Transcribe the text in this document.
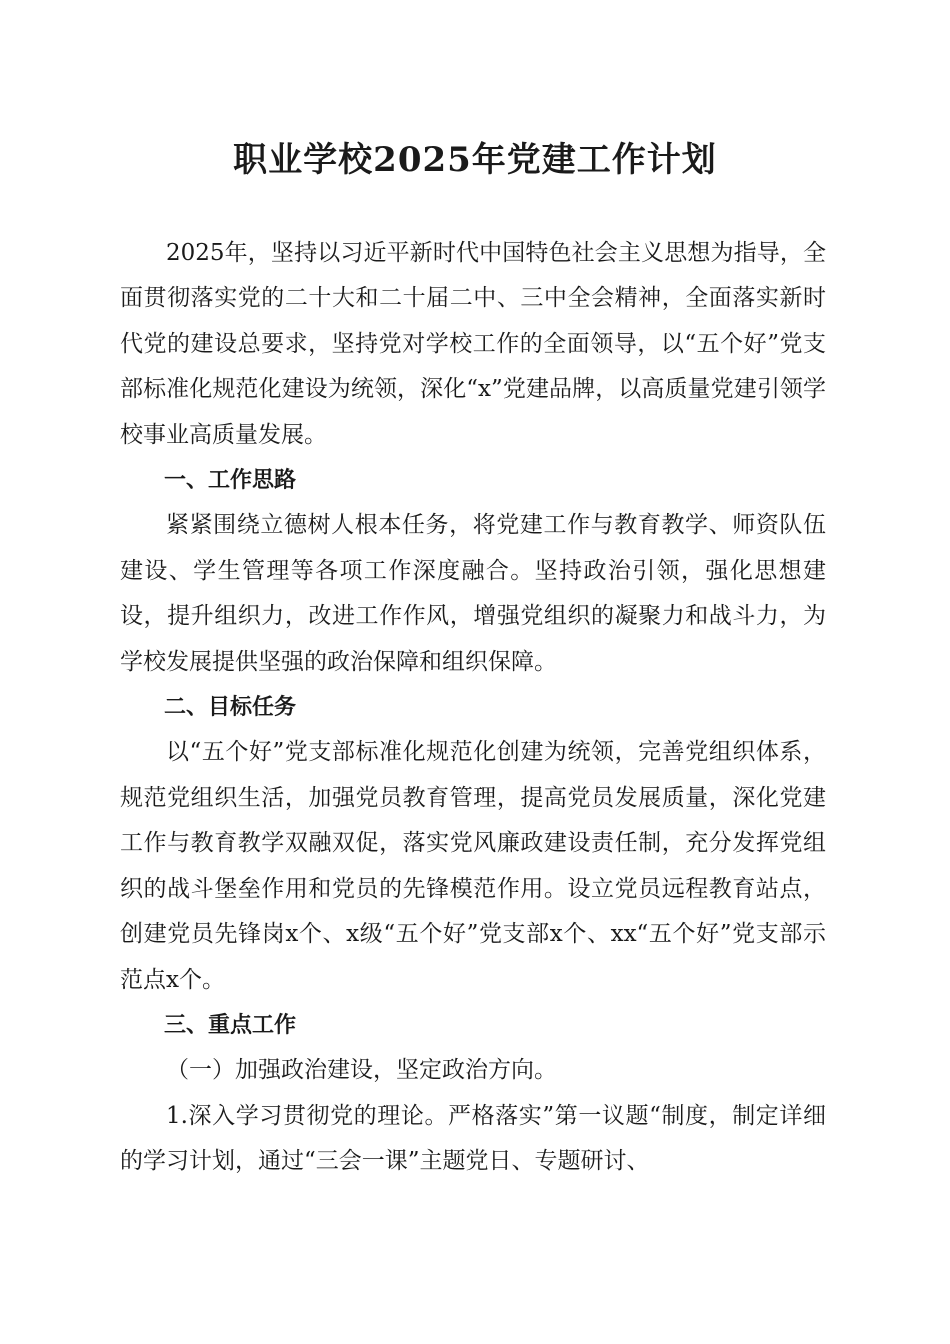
职业学校2025年党建工作计划

2025年，坚持以习近平新时代中国特色社会主义思想为指导，全面贯彻落实党的二十大和二十届二中、三中全会精神，全面落实新时代党的建设总要求，坚持党对学校工作的全面领导，以“五个好”党支部标准化规范化建设为统领，深化“x”党建品牌，以高质量党建引领学校事业高质量发展。

一、工作思路

紧紧围绕立德树人根本任务，将党建工作与教育教学、师资队伍建设、学生管理等各项工作深度融合。坚持政治引领，强化思想建设，提升组织力，改进工作作风，增强党组织的凝聚力和战斗力，为学校发展提供坚强的政治保障和组织保障。

二、目标任务

以“五个好”党支部标准化规范化创建为统领，完善党组织体系，规范党组织生活，加强党员教育管理，提高党员发展质量，深化党建工作与教育教学双融双促，落实党风廉政建设责任制，充分发挥党组织的战斗堡垒作用和党员的先锋模范作用。设立党员远程教育站点，创建党员先锋岗x个、x级“五个好”党支部x个、xx“五个好”党支部示范点x个。

三、重点工作

（一）加强政治建设，坚定政治方向。

1.深入学习贯彻党的理论。严格落实”第一议题“制度，制定详细的学习计划，通过“三会一课”主题党日、专题研讨、
